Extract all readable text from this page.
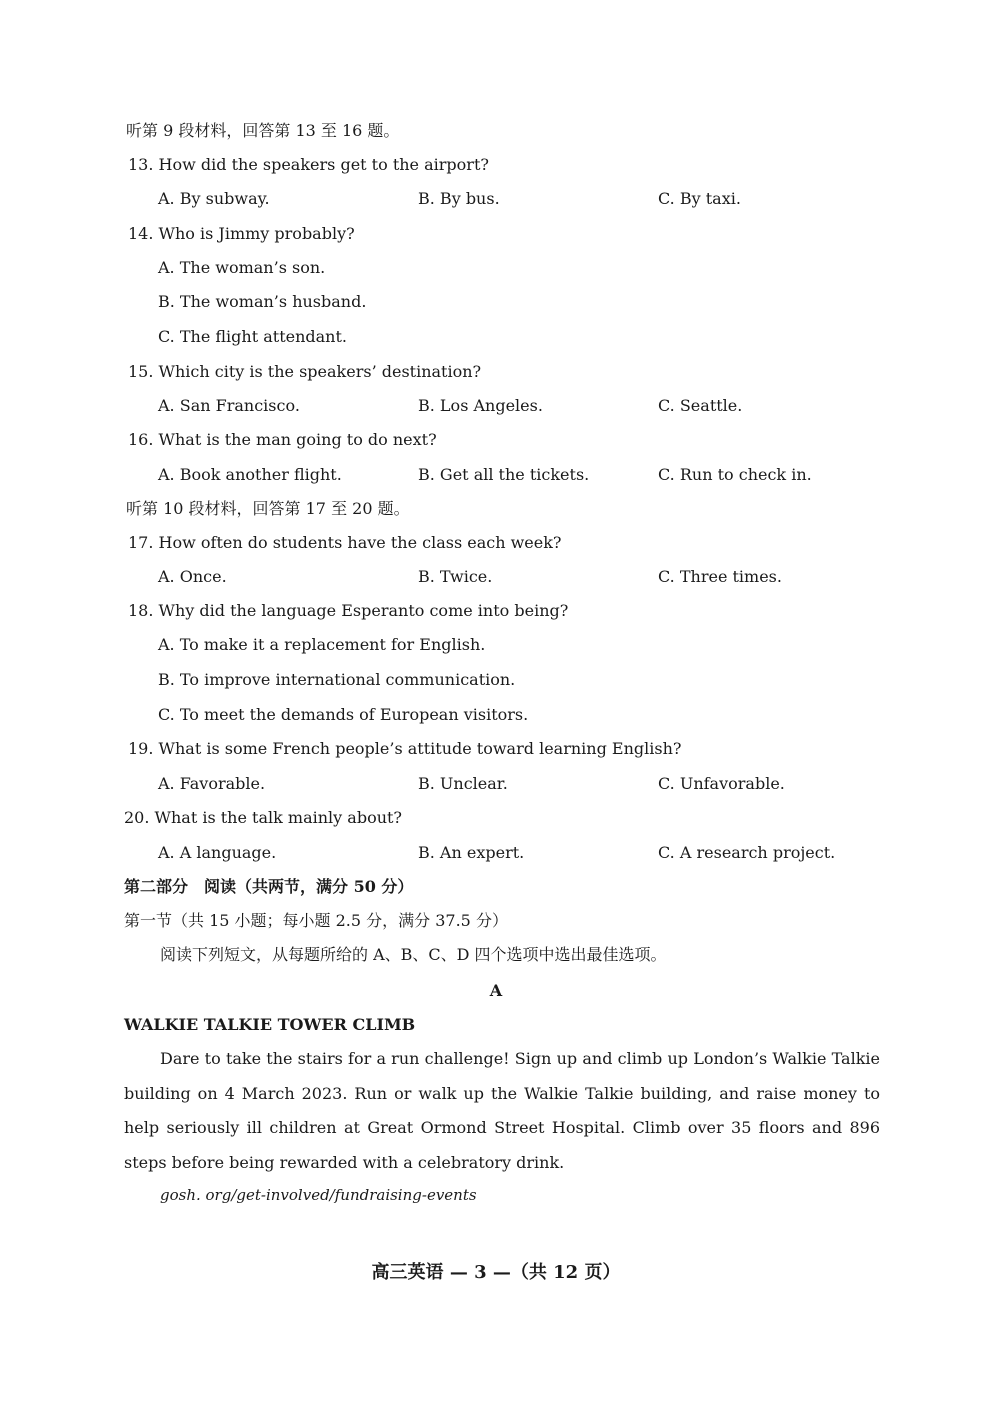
听第 9 段材料，回答第 13 至 16 题。
13. How did the speakers get to the airport?
A. By subway.	B. By bus.	C. By taxi.
14. Who is Jimmy probably?
A. The woman’s son.
B. The woman’s husband.
C. The flight attendant.
15. Which city is the speakers’ destination?
A. San Francisco.	B. Los Angeles.	C. Seattle.
16. What is the man going to do next?
A. Book another flight.	B. Get all the tickets.	C. Run to check in.
听第 10 段材料，回答第 17 至 20 题。
17. How often do students have the class each week?
A. Once.	B. Twice.	C. Three times.
18. Why did the language Esperanto come into being?
A. To make it a replacement for English.
B. To improve international communication.
C. To meet the demands of European visitors.
19. What is some French people’s attitude toward learning English?
A. Favorable.	B. Unclear.	C. Unfavorable.
20. What is the talk mainly about?
A. A language.	B. An expert.	C. A research project.
第二部分　阅读（共两节，满分 50 分）
第一节（共 15 小题；每小题 2.5 分，满分 37.5 分）
阅读下列短文，从每题所给的 A、B、C、D 四个选项中选出最佳选项。
A
WALKIE TALKIE TOWER CLIMB
Dare to take the stairs for a run challenge! Sign up and climb up London’s Walkie Talkie building on 4 March 2023. Run or walk up the Walkie Talkie building, and raise money to help seriously ill children at Great Ormond Street Hospital. Climb over 35 floors and 896 steps before being rewarded with a celebratory drink.
gosh. org/get-involved/fundraising-events
高三英语 — 3 —（共 12 页）
